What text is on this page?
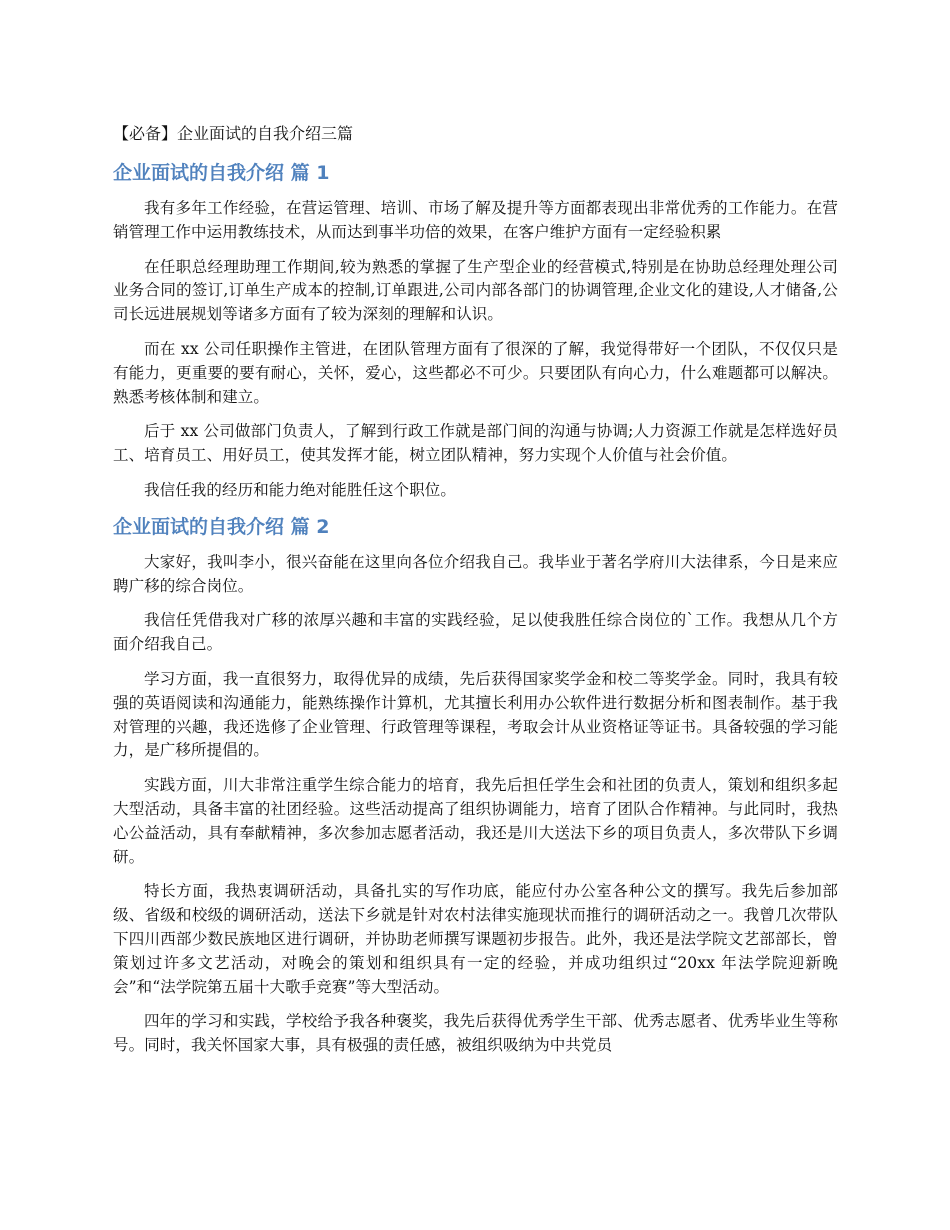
【必备】企业面试的自我介绍三篇
企业面试的自我介绍 篇 1

我有多年工作经验，在营运管理、培训、市场了解及提升等方面都表现出非常优秀的工作能力。在营销管理工作中运用教练技术，从而达到事半功倍的效果，在客户维护方面有一定经验积累

在任职总经理助理工作期间,较为熟悉的掌握了生产型企业的经营模式,特别是在协助总经理处理公司业务合同的签订,订单生产成本的控制,订单跟进,公司内部各部门的协调管理,企业文化的建设,人才储备,公司长远进展规划等诸多方面有了较为深刻的理解和认识。

而在 xx 公司任职操作主管进，在团队管理方面有了很深的了解，我觉得带好一个团队，不仅仅只是有能力，更重要的要有耐心，关怀，爱心，这些都必不可少。只要团队有向心力，什么难题都可以解决。熟悉考核体制和建立。

后于 xx 公司做部门负责人，了解到行政工作就是部门间的沟通与协调;人力资源工作就是怎样选好员工、培育员工、用好员工，使其发挥才能，树立团队精神，努力实现个人价值与社会价值。

我信任我的经历和能力绝对能胜任这个职位。

企业面试的自我介绍 篇 2

大家好，我叫李小，很兴奋能在这里向各位介绍我自己。我毕业于著名学府川大法律系，今日是来应聘广移的综合岗位。

我信任凭借我对广移的浓厚兴趣和丰富的实践经验，足以使我胜任综合岗位的`工作。我想从几个方面介绍我自己。

学习方面，我一直很努力，取得优异的成绩，先后获得国家奖学金和校二等奖学金。同时，我具有较强的英语阅读和沟通能力，能熟练操作计算机，尤其擅长利用办公软件进行数据分析和图表制作。基于我对管理的兴趣，我还选修了企业管理、行政管理等课程，考取会计从业资格证等证书。具备较强的学习能力，是广移所提倡的。

实践方面，川大非常注重学生综合能力的培育，我先后担任学生会和社团的负责人，策划和组织多起大型活动，具备丰富的社团经验。这些活动提高了组织协调能力，培育了团队合作精神。与此同时，我热心公益活动，具有奉献精神，多次参加志愿者活动，我还是川大送法下乡的项目负责人，多次带队下乡调研。

特长方面，我热衷调研活动，具备扎实的写作功底，能应付办公室各种公文的撰写。我先后参加部级、省级和校级的调研活动，送法下乡就是针对农村法律实施现状而推行的调研活动之一。我曾几次带队下四川西部少数民族地区进行调研，并协助老师撰写课题初步报告。此外，我还是法学院文艺部部长，曾策划过许多文艺活动，对晚会的策划和组织具有一定的经验，并成功组织过“20xx 年法学院迎新晚会”和“法学院第五届十大歌手竞赛”等大型活动。

四年的学习和实践，学校给予我各种褒奖，我先后获得优秀学生干部、优秀志愿者、优秀毕业生等称号。同时，我关怀国家大事，具有极强的责任感，被组织吸纳为中共党员
